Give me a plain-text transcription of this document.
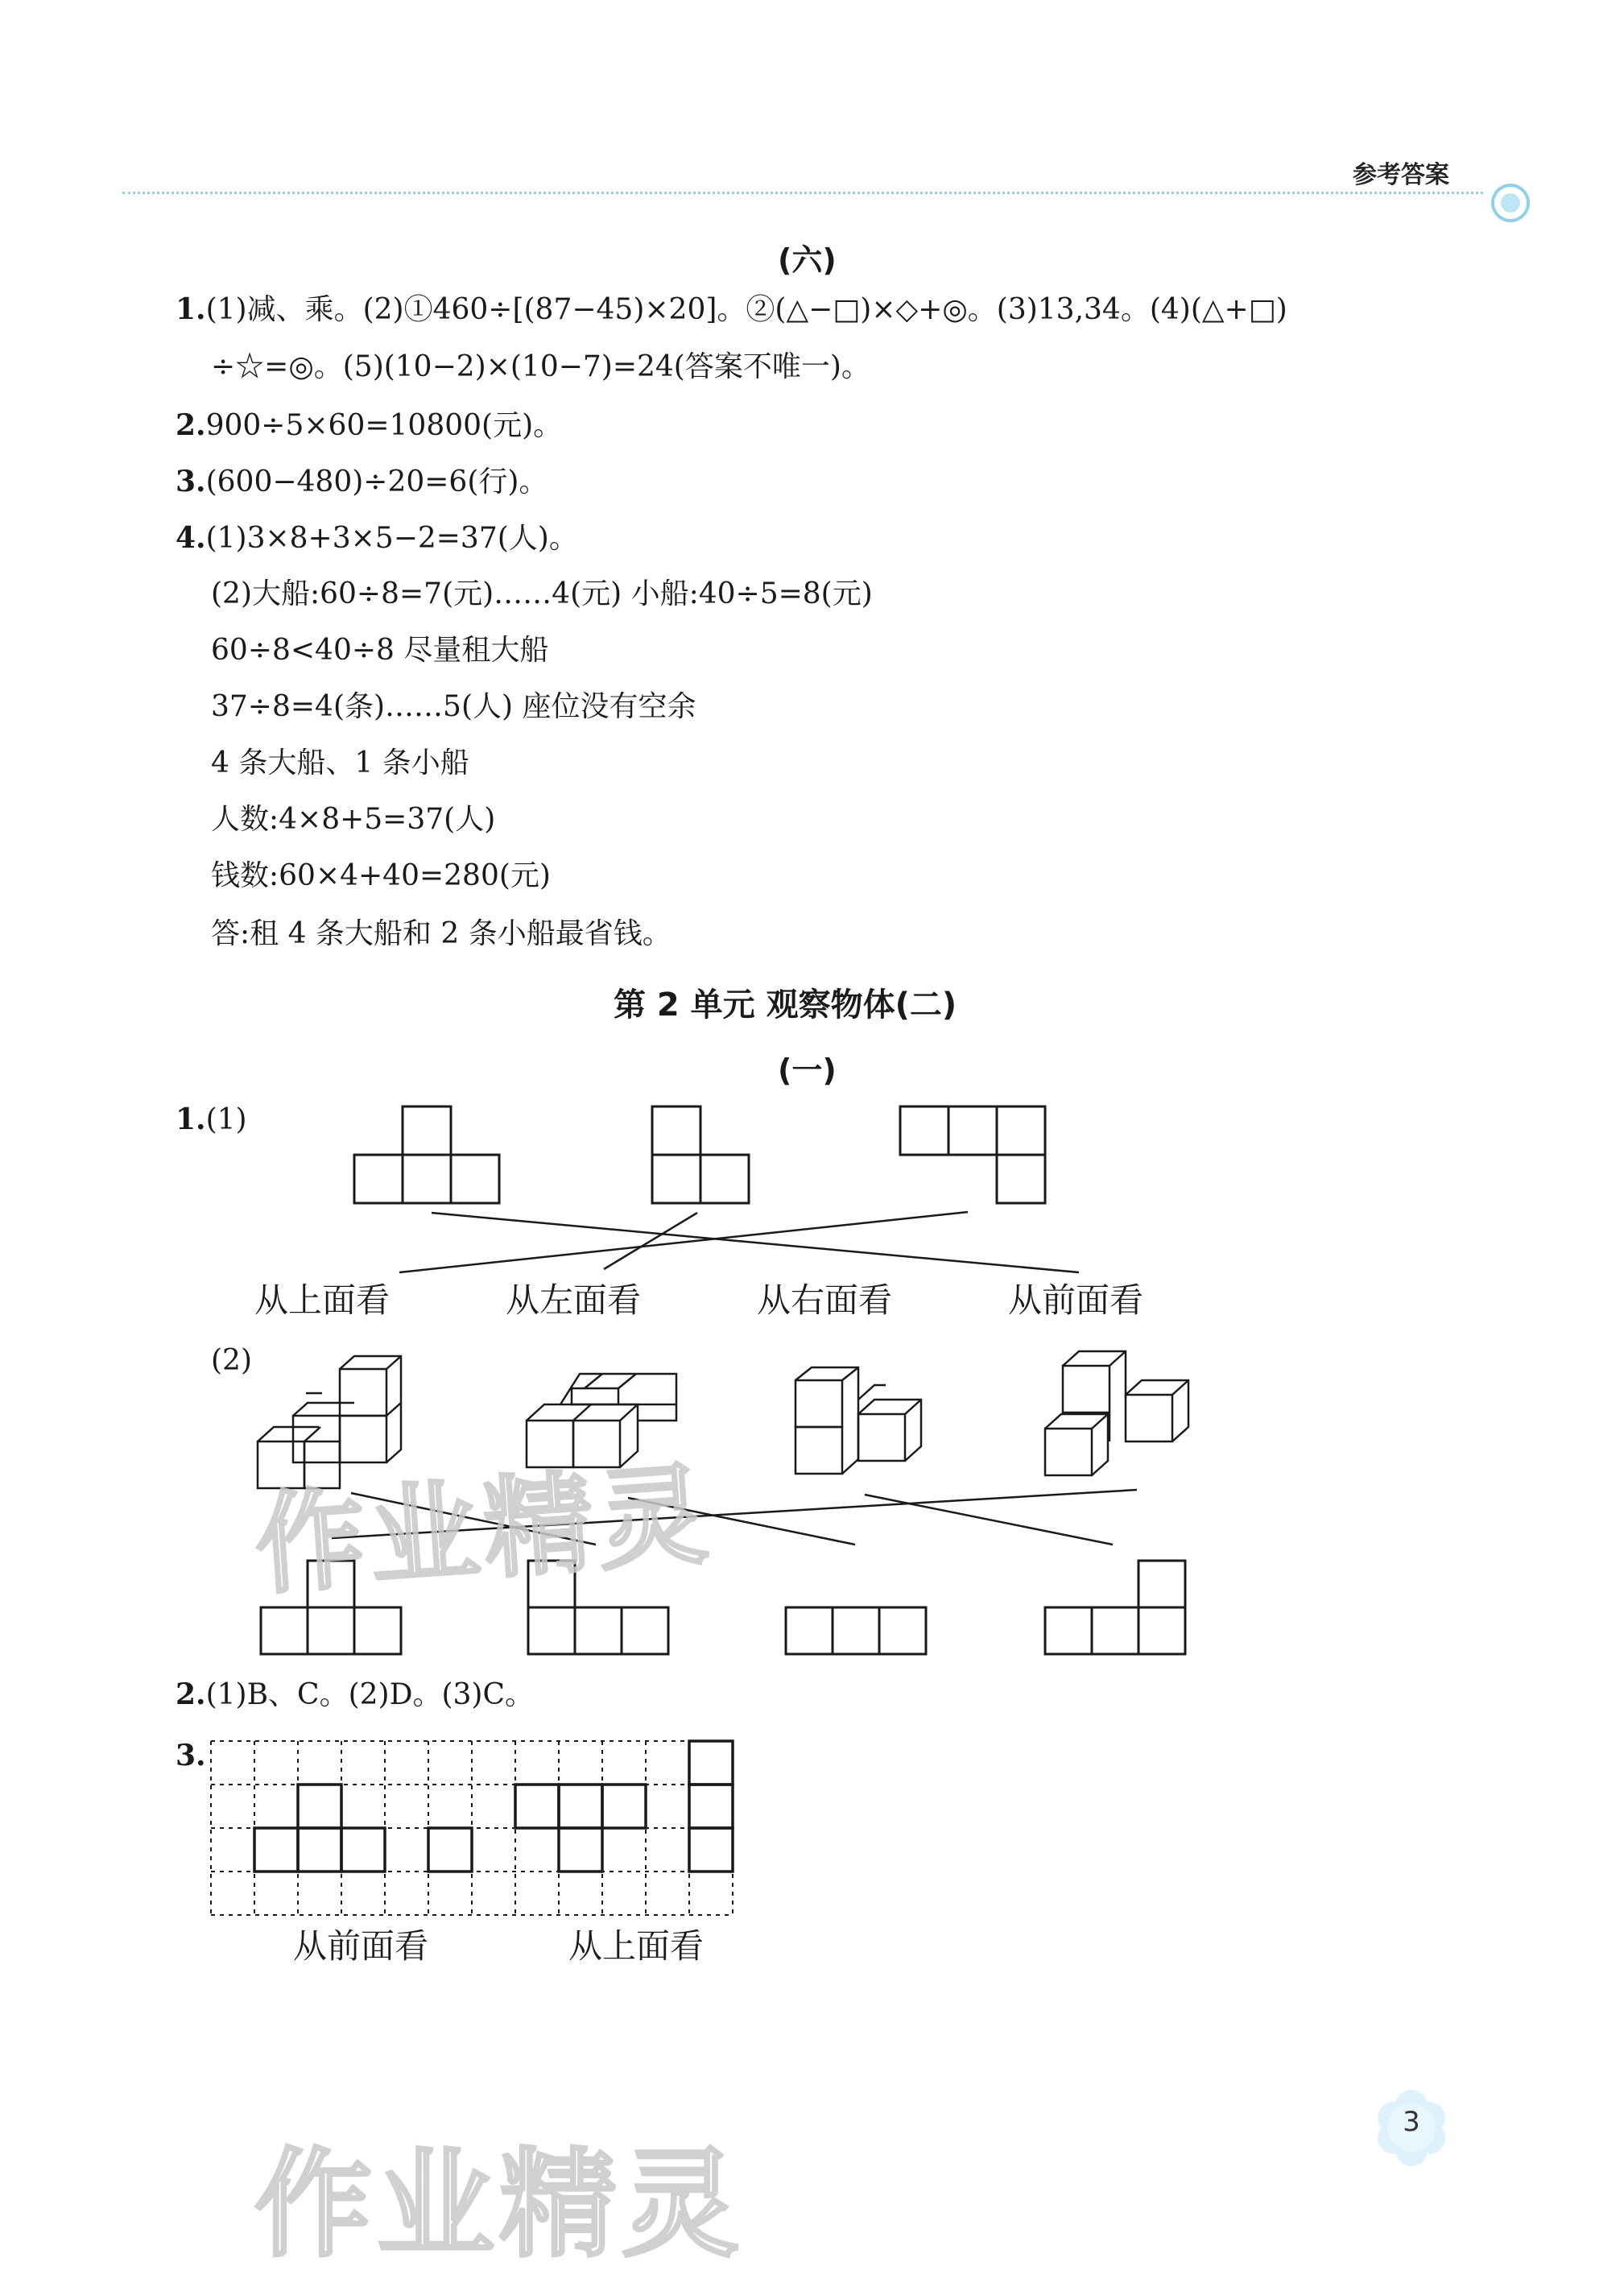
参考答案
(六)
1.(1)减、乘。(2)①460÷[(87−45)×20]。②(△−□)×◇+◎。(3)13,34。(4)(△+□)
÷☆=◎。(5)(10−2)×(10−7)=24(答案不唯一)。
2.900÷5×60=10800(元)。
3.(600−480)÷20=6(行)。
4.(1)3×8+3×5−2=37(人)。
(2)大船:60÷8=7(元)……4(元) 小船:40÷5=8(元)
60÷8<40÷8 尽量租大船
37÷8=4(条)……5(人) 座位没有空余
4 条大船、1 条小船
人数:4×8+5=37(人)
钱数:60×4+40=280(元)
答:租 4 条大船和 2 条小船最省钱。
第 2 单元 观察物体(二)
(一)
1.(1)
从上面看	从左面看	从右面看	从前面看
(2)
2.(1)B、C。(2)D。(3)C。
3.
从前面看	从上面看
作业精灵
作业精灵
3
